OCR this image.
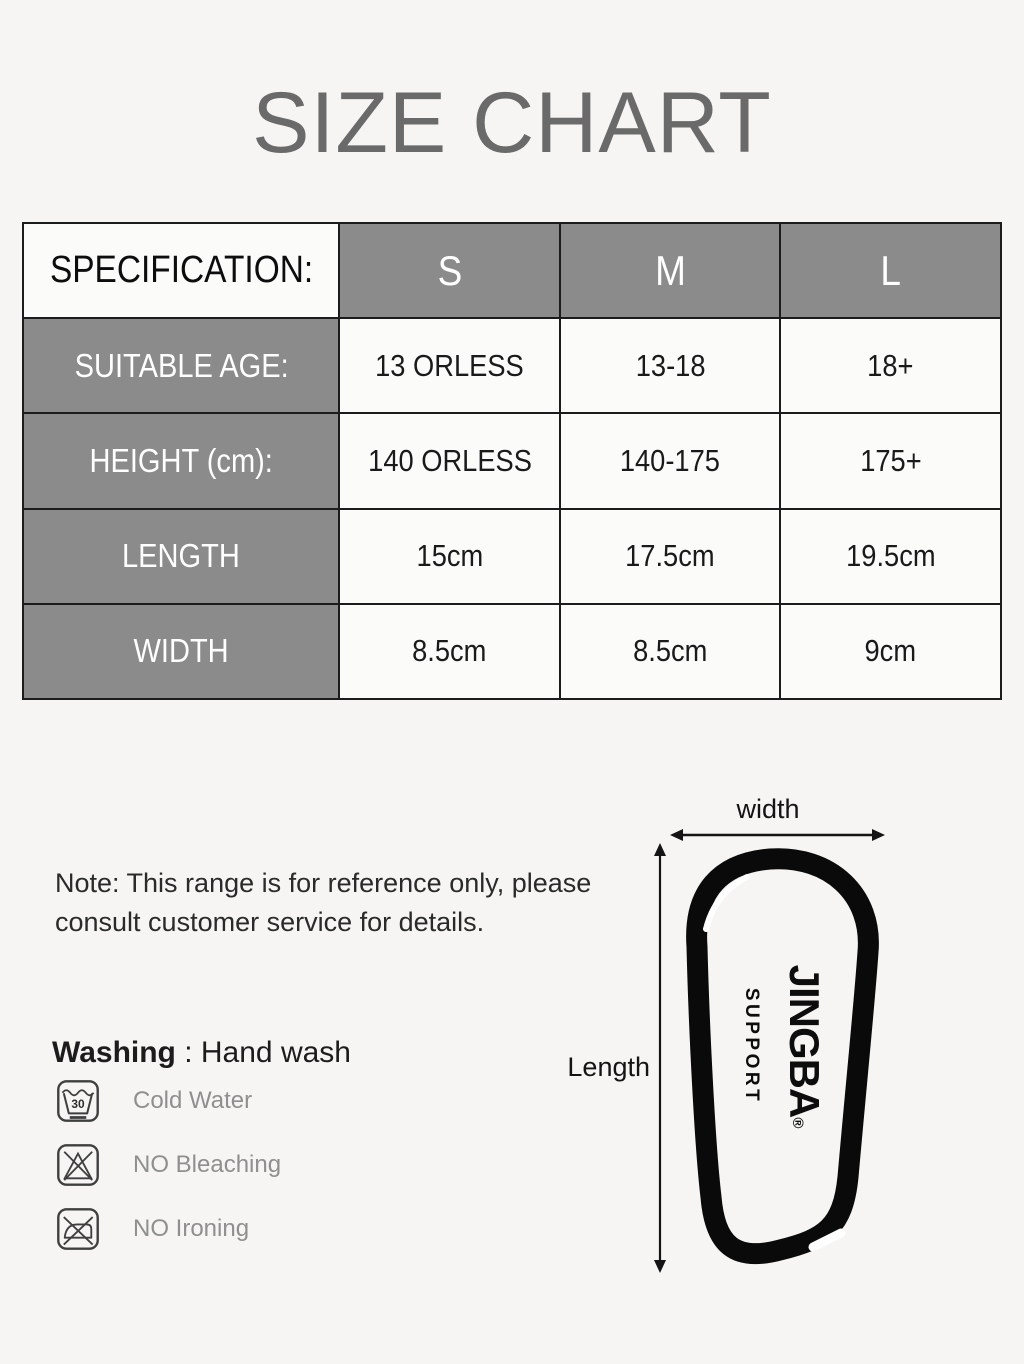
SIZE CHART
SPECIFICATION:	S	M	L
SUITABLE AGE:	13 ORLESS	13-18	18+
HEIGHT (cm):	140 ORLESS	140-175	175+
LENGTH	15cm	17.5cm	19.5cm
WIDTH	8.5cm	8.5cm	9cm
Note: This range is for reference only, please
consult customer service for details.
Washing : Hand wash
30 Cold Water
NO Bleaching
NO Ironing
width
Length	JINGBA®
SUPPORT
